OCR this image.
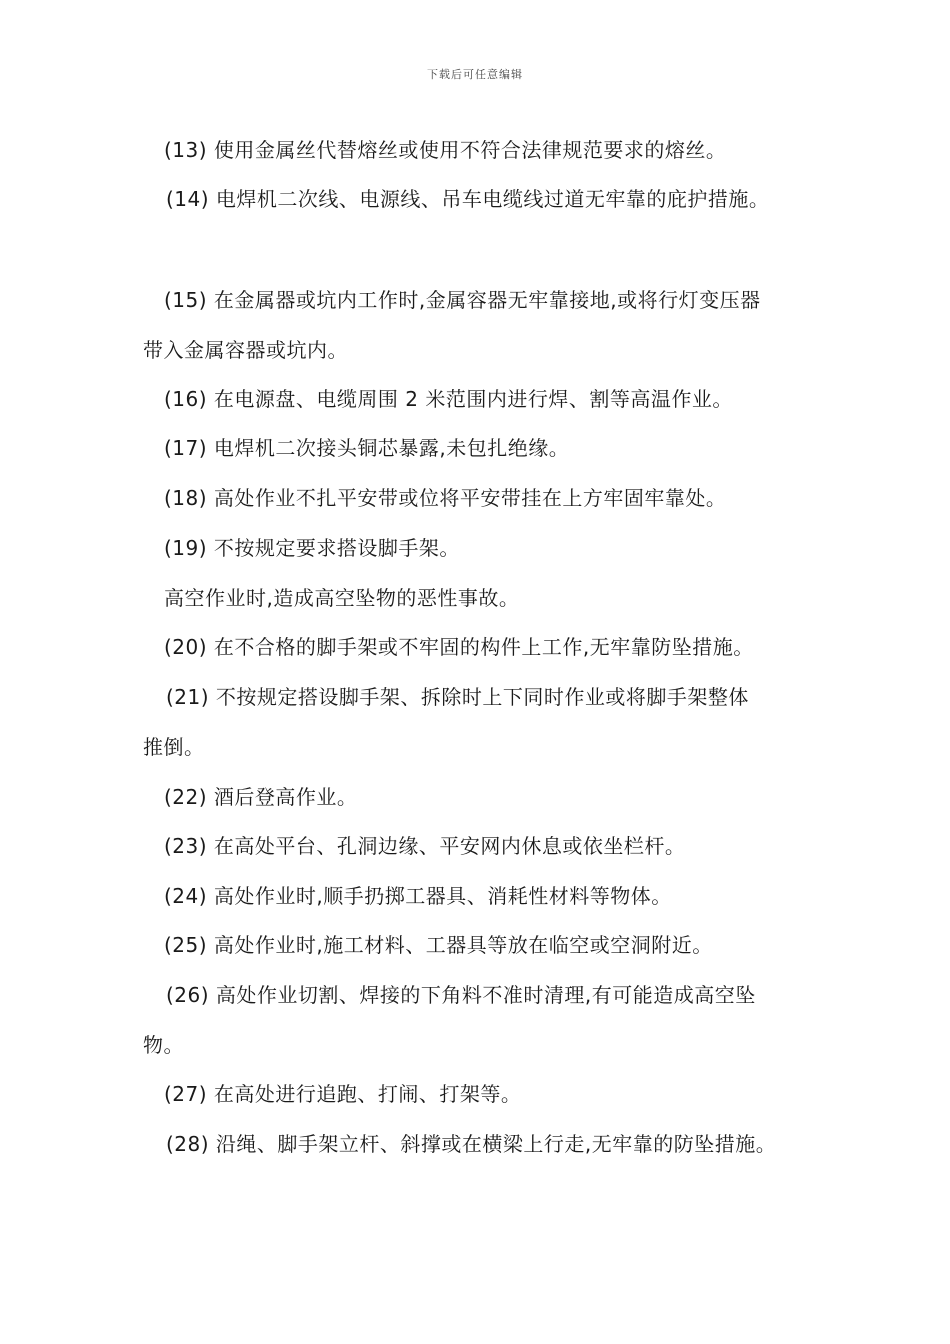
下载后可任意编辑
(13) 使用金属丝代替熔丝或使用不符合法律规范要求的熔丝。
(14) 电焊机二次线、电源线、吊车电缆线过道无牢靠的庇护措施。
(15) 在金属器或坑内工作时,金属容器无牢靠接地,或将行灯变压器
带入金属容器或坑内。
(16) 在电源盘、电缆周围 2 米范围内进行焊、割等高温作业。
(17) 电焊机二次接头铜芯暴露,未包扎绝缘。
(18) 高处作业不扎平安带或位将平安带挂在上方牢固牢靠处。
(19) 不按规定要求搭设脚手架。
高空作业时,造成高空坠物的恶性事故。
(20) 在不合格的脚手架或不牢固的构件上工作,无牢靠防坠措施。
(21) 不按规定搭设脚手架、拆除时上下同时作业或将脚手架整体
推倒。
(22) 酒后登高作业。
(23) 在高处平台、孔洞边缘、平安网内休息或依坐栏杆。
(24) 高处作业时,顺手扔掷工器具、消耗性材料等物体。
(25) 高处作业时,施工材料、工器具等放在临空或空洞附近。
(26) 高处作业切割、焊接的下角料不准时清理,有可能造成高空坠
物。
(27) 在高处进行追跑、打闹、打架等。
(28) 沿绳、脚手架立杆、斜撑或在横梁上行走,无牢靠的防坠措施。
